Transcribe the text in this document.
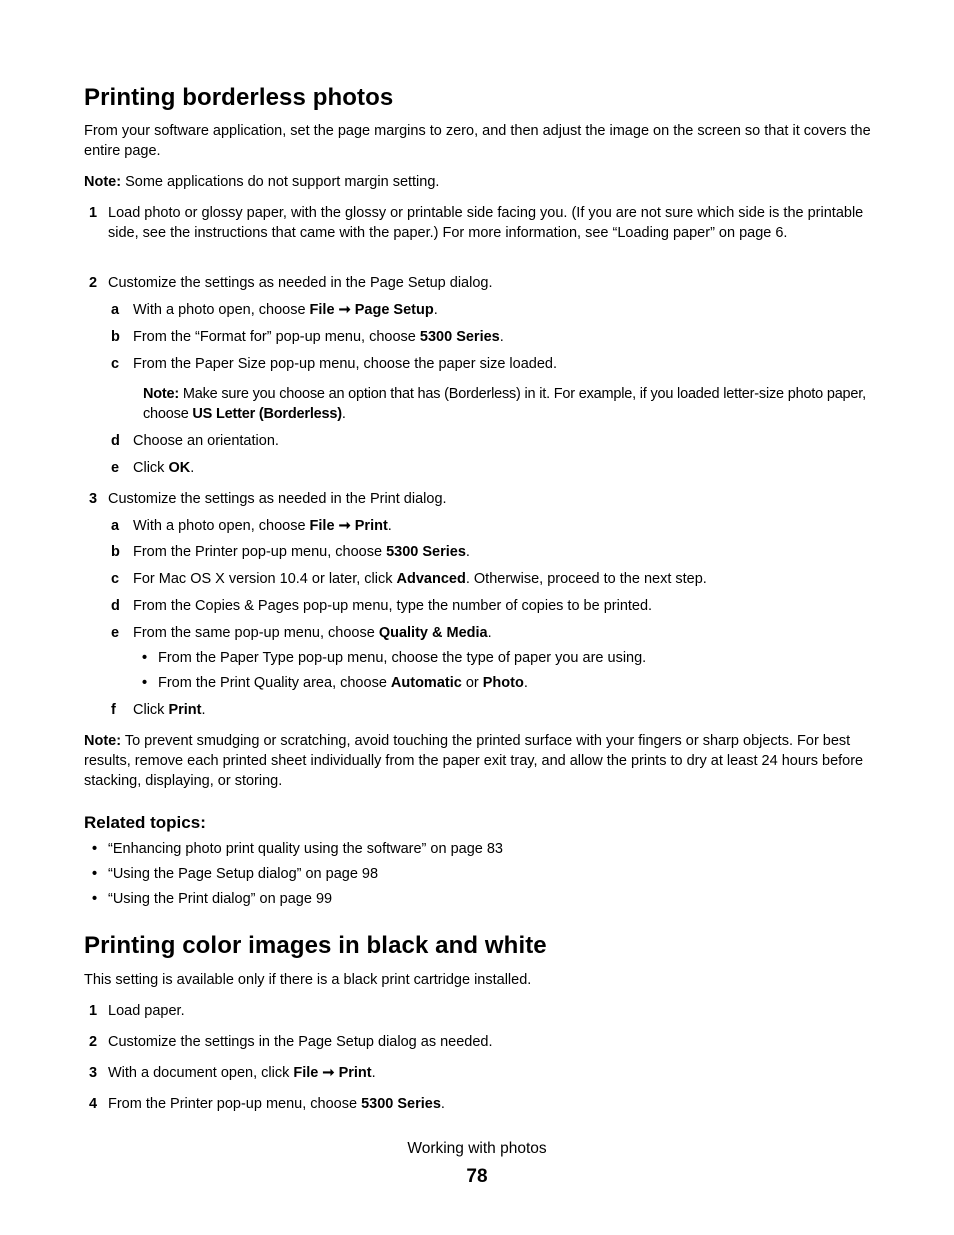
Printing borderless photos

From your software application, set the page margins to zero, and then adjust the image on the screen so that it covers the entire page.

Note: Some applications do not support margin setting.

1 Load photo or glossy paper, with the glossy or printable side facing you. (If you are not sure which side is the printable side, see the instructions that came with the paper.) For more information, see “Loading paper” on page 6.
2 Customize the settings as needed in the Page Setup dialog.
a With a photo open, choose File ➞ Page Setup.
b From the “Format for” pop-up menu, choose 5300 Series.
c From the Paper Size pop-up menu, choose the paper size loaded.

Note: Make sure you choose an option that has (Borderless) in it. For example, if you loaded letter-size photo paper, choose US Letter (Borderless).

d Choose an orientation.
e Click OK.
3 Customize the settings as needed in the Print dialog.
a With a photo open, choose File ➞ Print.
b From the Printer pop-up menu, choose 5300 Series.
c For Mac OS X version 10.4 or later, click Advanced. Otherwise, proceed to the next step.
d From the Copies & Pages pop-up menu, type the number of copies to be printed.
e From the same pop-up menu, choose Quality & Media.
• From the Paper Type pop-up menu, choose the type of paper you are using.
• From the Print Quality area, choose Automatic or Photo.
f Click Print.

Note: To prevent smudging or scratching, avoid touching the printed surface with your fingers or sharp objects. For best results, remove each printed sheet individually from the paper exit tray, and allow the prints to dry at least 24 hours before stacking, displaying, or storing.

Related topics:
• “Enhancing photo print quality using the software” on page 83
• “Using the Page Setup dialog” on page 98
• “Using the Print dialog” on page 99
Printing color images in black and white

This setting is available only if there is a black print cartridge installed.

1 Load paper.
2 Customize the settings in the Page Setup dialog as needed.
3 With a document open, click File ➞ Print.
4 From the Printer pop-up menu, choose 5300 Series.
Working with photos
78
